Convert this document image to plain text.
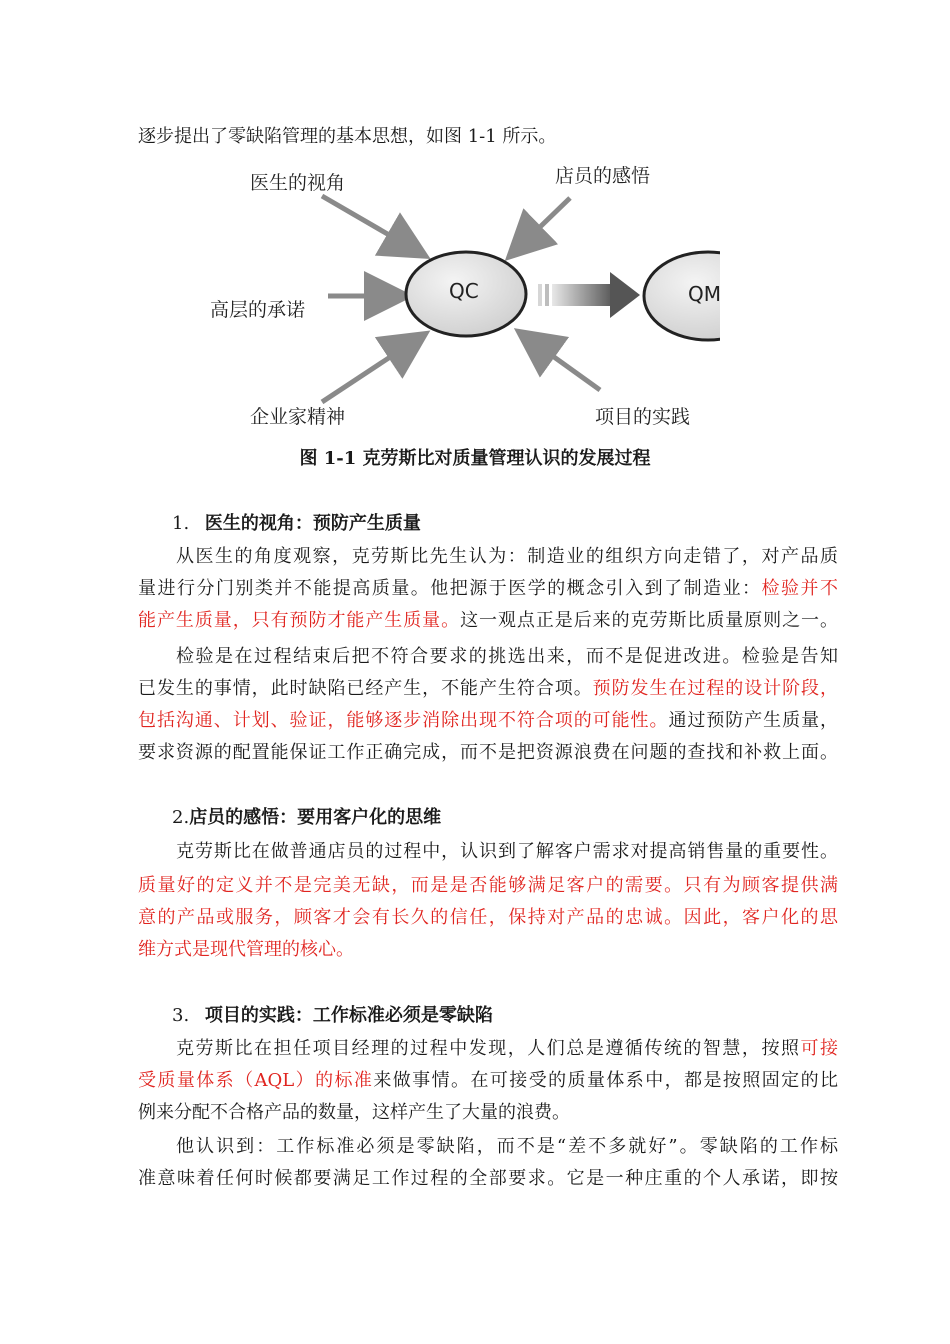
逐步提出了零缺陷管理的基本思想，如图 1-1 所示。
医生的视角	店员的感悟
高层的承诺
企业家精神	项目的实践
QC	QM
图 1-1 克劳斯比对质量管理认识的发展过程
1. 医生的视角：预防产生质量
从医生的角度观察，克劳斯比先生认为：制造业的组织方向走错了，对产品质
量进行分门别类并不能提高质量。他把源于医学的概念引入到了制造业：检验并不
能产生质量，只有预防才能产生质量。这一观点正是后来的克劳斯比质量原则之一。
检验是在过程结束后把不符合要求的挑选出来，而不是促进改进。检验是告知
已发生的事情，此时缺陷已经产生，不能产生符合项。预防发生在过程的设计阶段，
包括沟通、计划、验证，能够逐步消除出现不符合项的可能性。通过预防产生质量，
要求资源的配置能保证工作正确完成，而不是把资源浪费在问题的查找和补救上面。
2.店员的感悟：要用客户化的思维
克劳斯比在做普通店员的过程中，认识到了解客户需求对提高销售量的重要性。
质量好的定义并不是完美无缺，而是是否能够满足客户的需要。只有为顾客提供满
意的产品或服务，顾客才会有长久的信任，保持对产品的忠诚。因此，客户化的思
维方式是现代管理的核心。
3. 项目的实践：工作标准必须是零缺陷
克劳斯比在担任项目经理的过程中发现，人们总是遵循传统的智慧，按照可接
受质量体系（AQL）的标准来做事情。在可接受的质量体系中，都是按照固定的比
例来分配不合格产品的数量，这样产生了大量的浪费。
他认识到：工作标准必须是零缺陷，而不是“差不多就好”。零缺陷的工作标
准意味着任何时候都要满足工作过程的全部要求。它是一种庄重的个人承诺，即按
